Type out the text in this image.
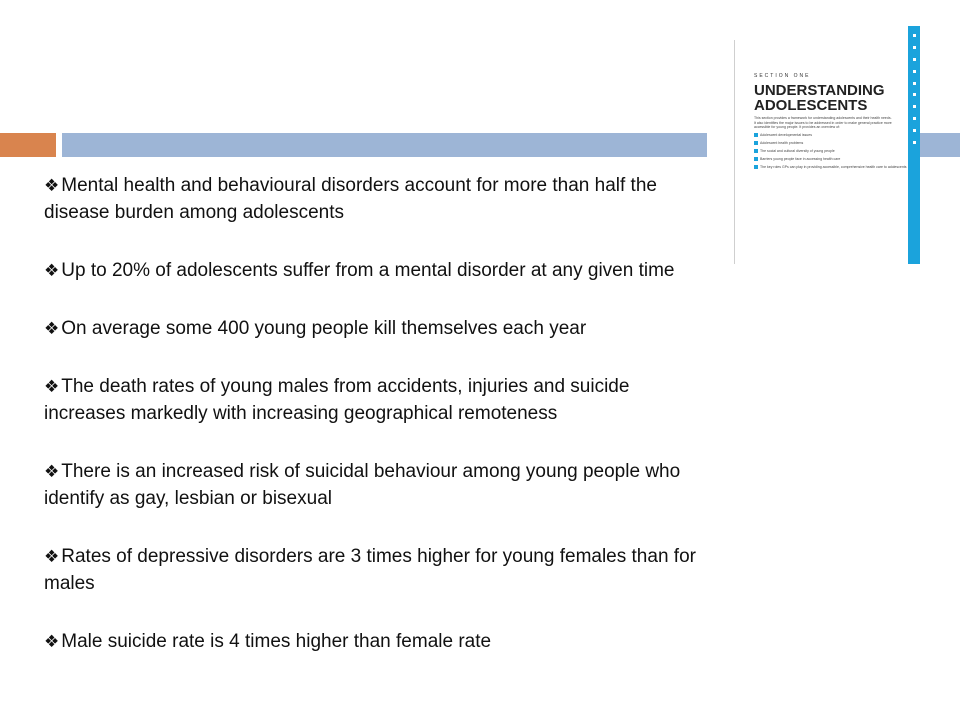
❖ Mental health and behavioural disorders account for more than half the disease burden among adolescents

❖ Up to 20% of adolescents suffer from a mental disorder at any given time

❖ On average some 400 young people kill themselves each year

❖ The death rates of young males from accidents, injuries and suicide increases markedly with increasing geographical remoteness

❖ There is an increased risk of suicidal behaviour among young people who identify as gay, lesbian or bisexual

❖ Rates of depressive disorders are 3 times higher for young females than for males

❖ Male suicide rate is 4 times higher than female rate

SECTION ONE
UNDERSTANDING
ADOLESCENTS
This section provides a framework for understanding adolescents and their health needs. It also identifies the major issues to be addressed in order to make general practice more accessible for young people. It provides an overview of:
Adolescent developmental issues
Adolescent health problems
The social and cultural diversity of young people
Barriers young people face in accessing health care
The key roles GPs can play in providing accessible, comprehensive health care to adolescents
